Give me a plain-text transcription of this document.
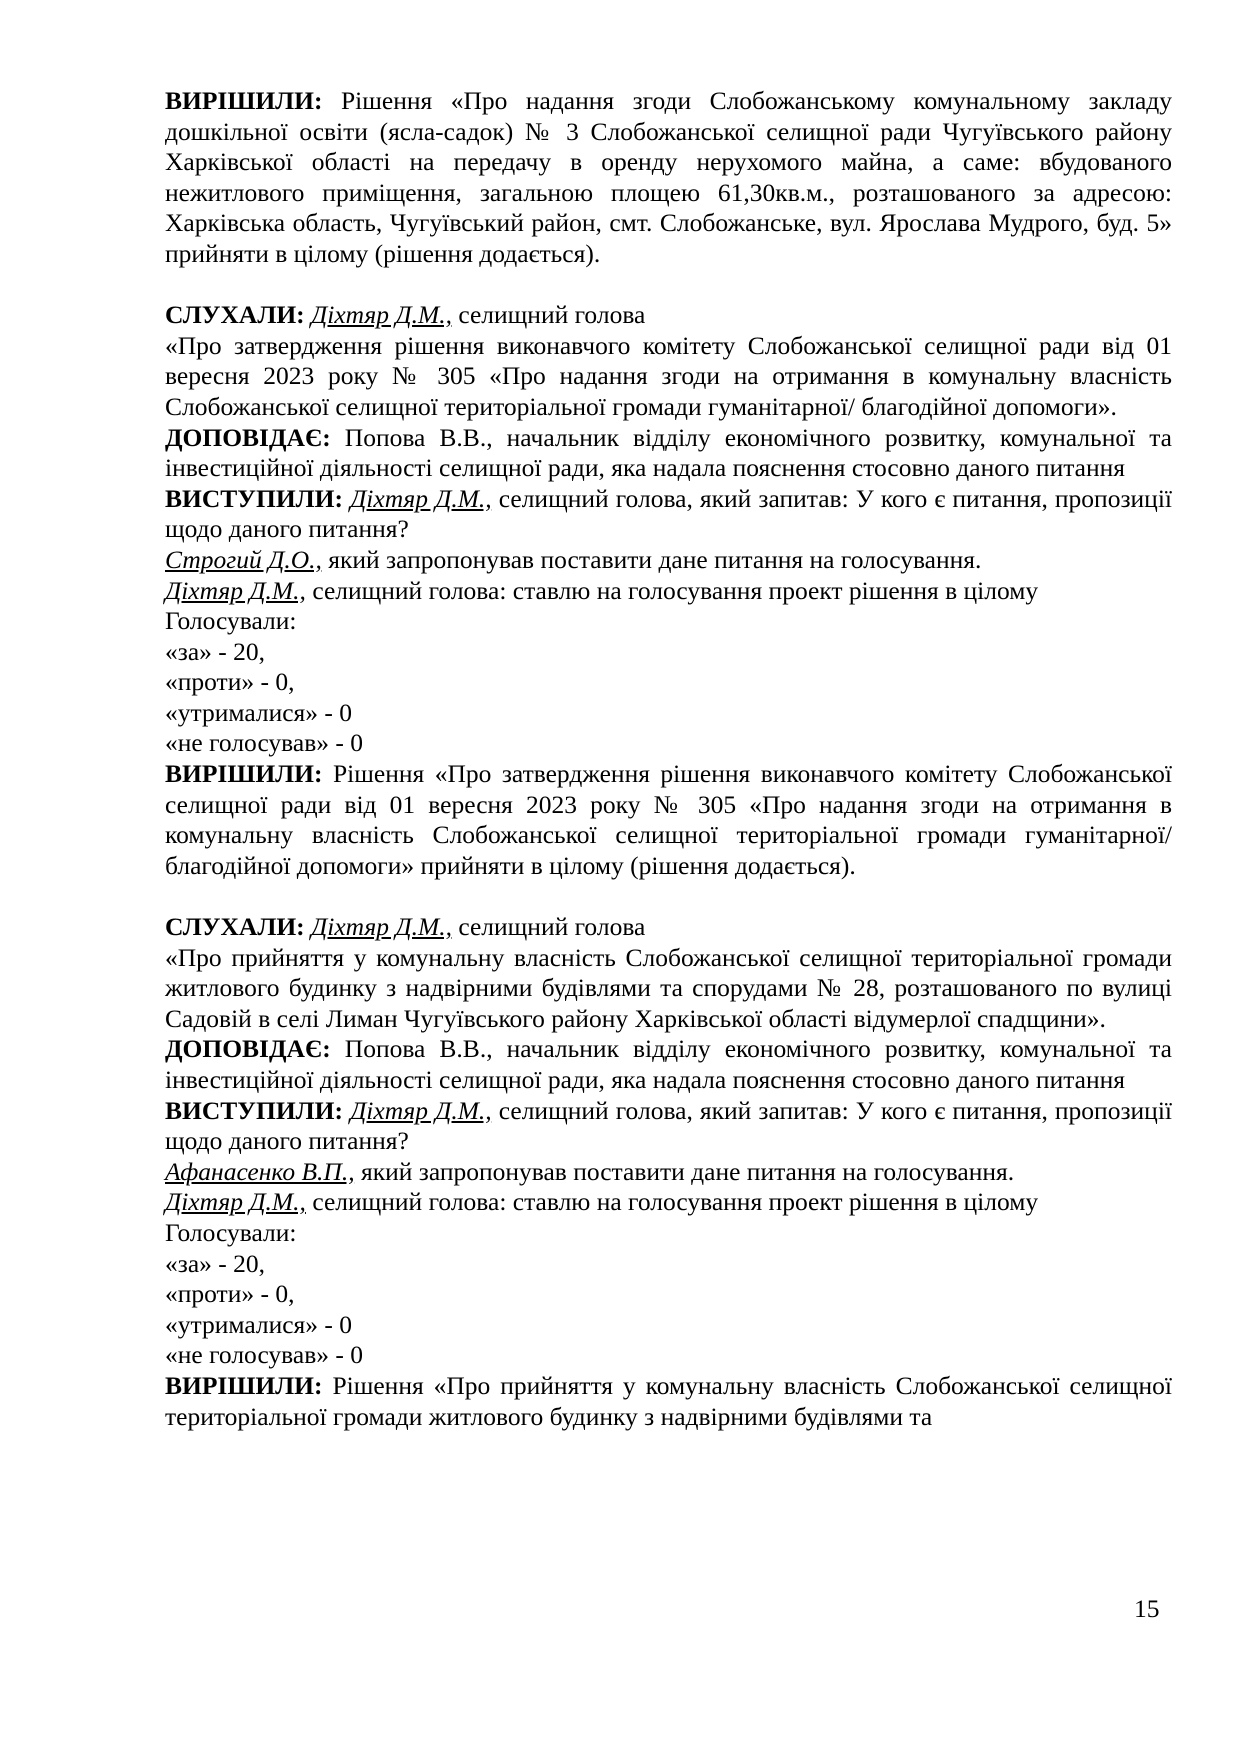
ВИРІШИЛИ: Рішення «Про надання згоди Слобожанському комунальному закладу дошкільної освіти (ясла-садок) № 3 Слобожанської селищної ради Чугуївського району Харківської області на передачу в оренду нерухомого майна, а саме: вбудованого нежитлового приміщення, загальною площею 61,30кв.м., розташованого за адресою: Харківська область, Чугуївський район, смт. Слобожанське, вул. Ярослава Мудрого, буд. 5» прийняти в цілому (рішення додається).

СЛУХАЛИ: Діхтяр Д.М., селищний голова

«Про затвердження рішення виконавчого комітету Слобожанської селищної ради від 01 вересня 2023 року № 305 «Про надання згоди на отримання в комунальну власність Слобожанської селищної територіальної громади гуманітарної/ благодійної допомоги».

ДОПОВІДАЄ: Попова В.В., начальник відділу економічного розвитку, комунальної та інвестиційної діяльності селищної ради, яка надала пояснення стосовно даного питання

ВИСТУПИЛИ: Діхтяр Д.М., селищний голова, який запитав: У кого є питання, пропозиції щодо даного питання?

Строгий Д.О., який запропонував поставити дане питання на голосування.

Діхтяр Д.М., селищний голова: ставлю на голосування проект рішення в цілому

Голосували:

«за» - 20,

«проти» - 0,

«утрималися» - 0

«не голосував» - 0

ВИРІШИЛИ: Рішення «Про затвердження рішення виконавчого комітету Слобожанської селищної ради від 01 вересня 2023 року № 305 «Про надання згоди на отримання в комунальну власність Слобожанської селищної територіальної громади гуманітарної/ благодійної допомоги» прийняти в цілому (рішення додається).

СЛУХАЛИ: Діхтяр Д.М., селищний голова

«Про прийняття у комунальну власність Слобожанської селищної територіальної громади житлового будинку з надвірними будівлями та спорудами № 28, розташованого по вулиці Садовій в селі Лиман Чугуївського району Харківської області відумерлої спадщини».

ДОПОВІДАЄ: Попова В.В., начальник відділу економічного розвитку, комунальної та інвестиційної діяльності селищної ради, яка надала пояснення стосовно даного питання

ВИСТУПИЛИ: Діхтяр Д.М., селищний голова, який запитав: У кого є питання, пропозиції щодо даного питання?

Афанасенко В.П., який запропонував поставити дане питання на голосування.

Діхтяр Д.М., селищний голова: ставлю на голосування проект рішення в цілому

Голосували:

«за» - 20,

«проти» - 0,

«утрималися» - 0

«не голосував» - 0

ВИРІШИЛИ: Рішення «Про прийняття у комунальну власність Слобожанської селищної територіальної громади житлового будинку з надвірними будівлями та

15
